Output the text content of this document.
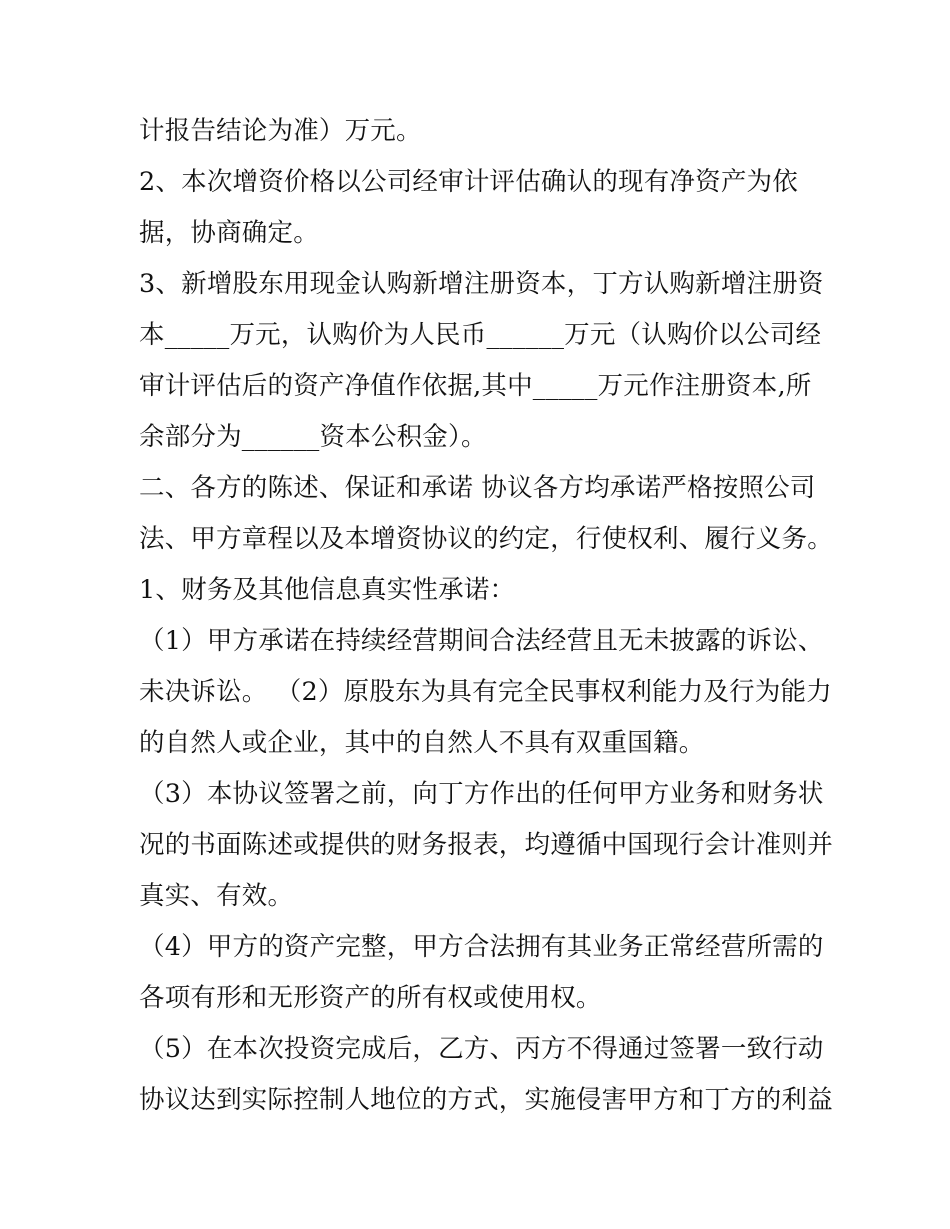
计报告结论为准）万元。
2、本次增资价格以公司经审计评估确认的现有净资产为依
据，协商确定。
3、新增股东用现金认购新增注册资本，丁方认购新增注册资
本_____万元，认购价为人民币______万元（认购价以公司经
审计评估后的资产净值作依据,其中_____万元作注册资本,所
余部分为______资本公积金）。
二、各方的陈述、保证和承诺 协议各方均承诺严格按照公司
法、甲方章程以及本增资协议的约定，行使权利、履行义务。
1、财务及其他信息真实性承诺：
（1）甲方承诺在持续经营期间合法经营且无未披露的诉讼、
未决诉讼。 （2）原股东为具有完全民事权利能力及行为能力
的自然人或企业，其中的自然人不具有双重国籍。
（3）本协议签署之前，向丁方作出的任何甲方业务和财务状
况的书面陈述或提供的财务报表，均遵循中国现行会计准则并
真实、有效。
（4）甲方的资产完整，甲方合法拥有其业务正常经营所需的
各项有形和无形资产的所有权或使用权。
（5）在本次投资完成后，乙方、丙方不得通过签署一致行动
协议达到实际控制人地位的方式，实施侵害甲方和丁方的利益
